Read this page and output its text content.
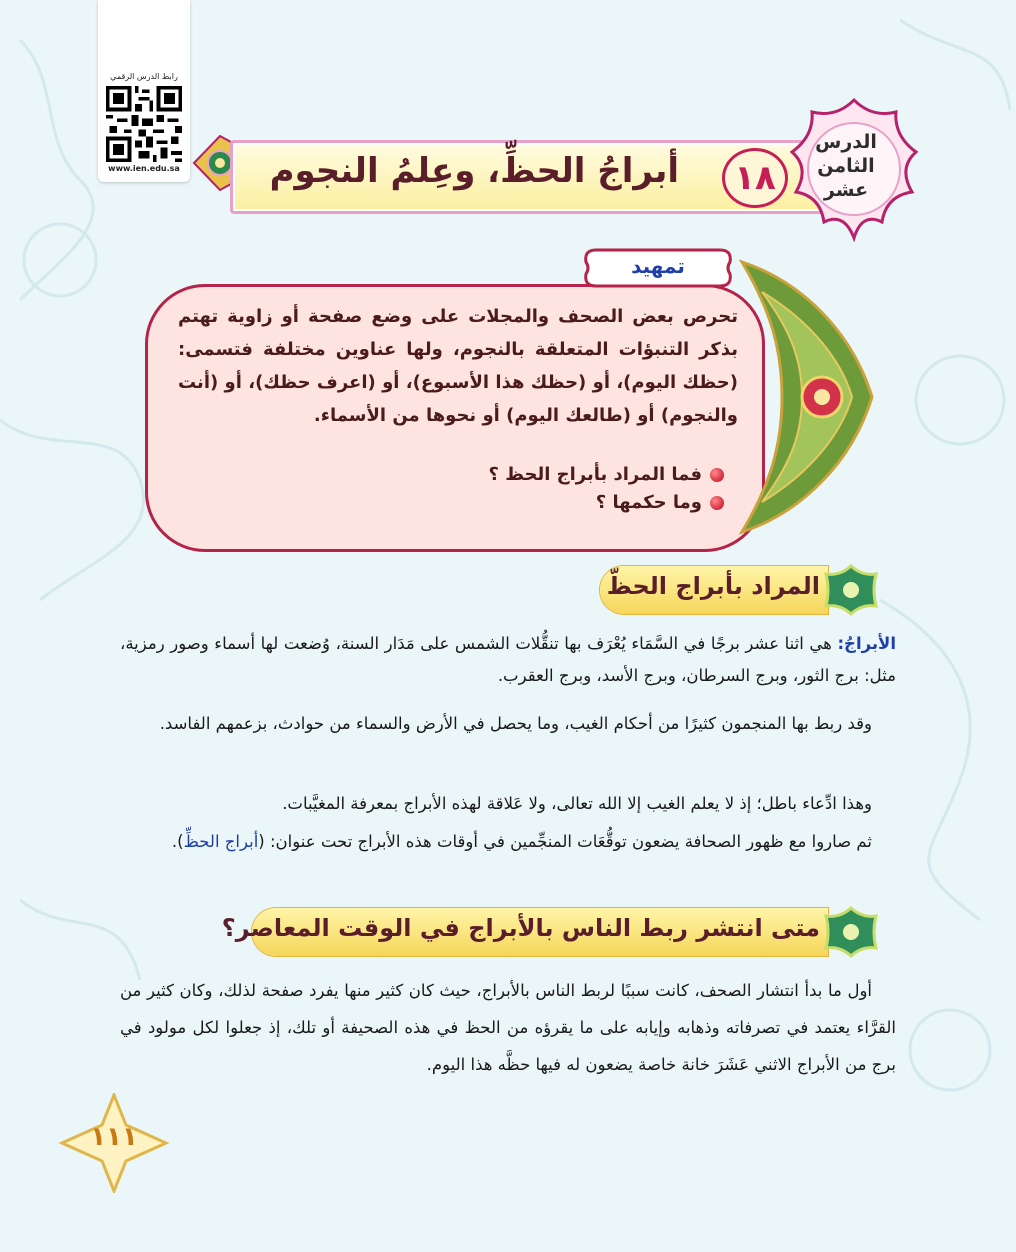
رابط الدرس الرقمي
www.ien.edu.sa	أبراجُ الحظِّ، وعِلمُ النجوم	١٨
الدرس
الثامن
عشر
تمهيد
تحرص بعض الصحف والمجلات على وضع صفحة أو زاوية تهتم بذكر التنبؤات المتعلقة بالنجوم، ولها عناوين مختلفة فتسمى: (حظك اليوم)، أو (حظك هذا الأسبوع)، أو (اعرف حظك)، أو (أنت والنجوم) أو (طالعك اليوم) أو نحوها من الأسماء.
فما المراد بأبراج الحظ ؟
وما حكمها ؟
المراد بأبراج الحظّ
الأبراجُ: هي اثنا عشر برجًا في السَّمَاء يُعْرَف بها تنقُّلات الشمس على مَدَار السنة، وُضعت لها أسماء وصور رمزية، مثل: برج الثور، وبرج السرطان، وبرج الأسد، وبرج العقرب.
وقد ربط بها المنجمون كثيرًا من أحكام الغيب، وما يحصل في الأرض والسماء من حوادث، بزعمهم الفاسد.
وهذا ادِّعاء باطل؛ إذ لا يعلم الغيب إلا الله تعالى، ولا عَلاقة لهذه الأبراج بمعرفة المغيَّبات.
ثم صاروا مع ظهور الصحافة يضعون توقُّعَات المنجِّمين في أوقات هذه الأبراج تحت عنوان: (أبراج الحظِّ).
متى انتشر ربط الناس بالأبراج في الوقت المعاصر؟
أول ما بدأ انتشار الصحف، كانت سببًا لربط الناس بالأبراج، حيث كان كثير منها يفرد صفحة لذلك، وكان كثير من القرَّاء يعتمد في تصرفاته وذهابه وإيابه على ما يقرؤه من الحظ في هذه الصحيفة أو تلك، إذ جعلوا لكل مولود في برج من الأبراج الاثني عَشَرَ خانة خاصة يضعون له فيها حظَّه هذا اليوم.
١١١
